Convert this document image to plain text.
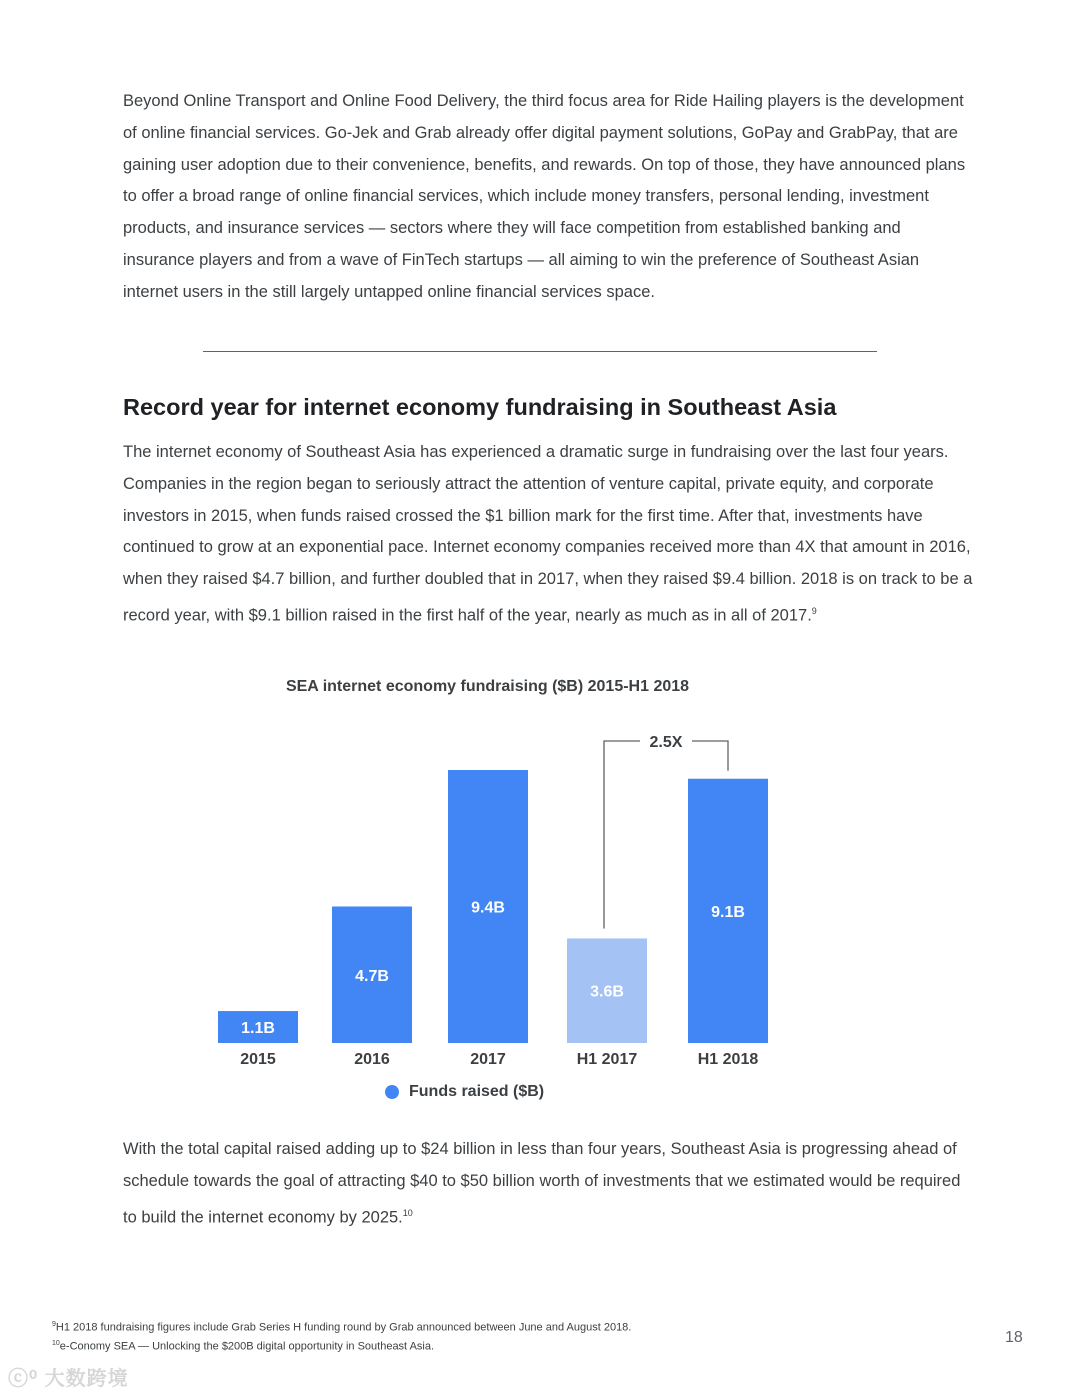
Beyond Online Transport and Online Food Delivery, the third focus area for Ride Hailing players is the development of online financial services. Go-Jek and Grab already offer digital payment solutions, GoPay and GrabPay, that are gaining user adoption due to their convenience, benefits, and rewards. On top of those, they have announced plans to offer a broad range of online financial services, which include money transfers, personal lending, investment products, and insurance services — sectors where they will face competition from established banking and insurance players and from a wave of FinTech startups — all aiming to win the preference of Southeast Asian internet users in the still largely untapped online financial services space.

Record year for internet economy fundraising in Southeast Asia

The internet economy of Southeast Asia has experienced a dramatic surge in fundraising over the last four years. Companies in the region began to seriously attract the attention of venture capital, private equity, and corporate investors in 2015, when funds raised crossed the $1 billion mark for the first time. After that, investments have continued to grow at an exponential pace. Internet economy companies received more than 4X that amount in 2016, when they raised $4.7 billion, and further doubled that in 2017, when they raised $9.4 billion. 2018 is on track to be a record year, with $9.1 billion raised in the first half of the year, nearly as much as in all of 2017.$^9$

SEA internet economy fundraising ($B) 2015-H1 2018
1.1B
2015
4.7B
2016
9.4B
2017
3.6B
H1 2017
9.1B
H1 2018
2.5X
Funds raised ($B)

With the total capital raised adding up to $24 billion in less than four years, Southeast Asia is progressing ahead of schedule towards the goal of attracting $40 to $50 billion worth of investments that we estimated would be required to build the internet economy by 2025.10

$^9$H1 2018 fundraising figures include Grab Series H funding round by Grab announced between June and August 2018.
$^{10}$e-Conomy SEA — Unlocking the $200B digital opportunity in Southeast Asia.
18
ⓒ⁰ 大数跨境
